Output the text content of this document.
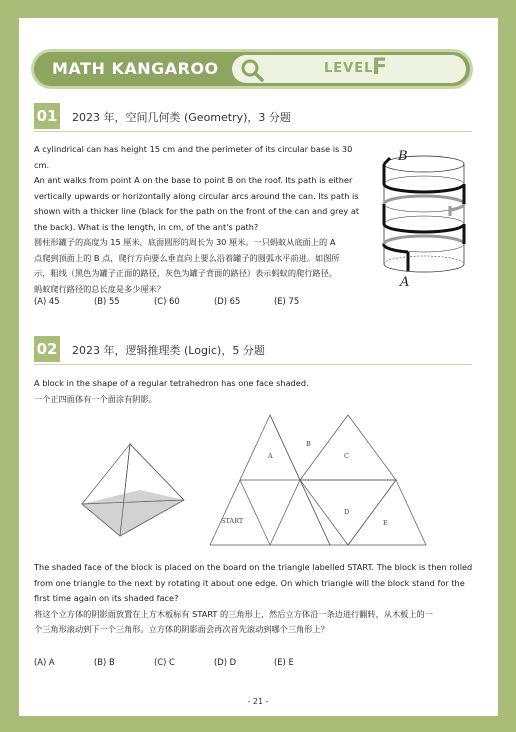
MATH KANGAROO	LEVEL
F
01 2023 年，空间几何类 (Geometry)，3 分题
A cylindrical can has height 15 cm and the perimeter of its circular base is 30 cm.
An ant walks from point A on the base to point B on the roof. Its path is either
vertically upwards or horizontally along circular arcs around the can. Its path is
shown with a thicker line (black for the path on the front of the can and grey at
the back). What is the length, in cm, of the ant's path?
圆柱形罐子的高度为 15 厘米，底面圆形的周长为 30 厘米。一只蚂蚁从底面上的 A
点爬到顶面上的 B 点，爬行方向要么垂直向上要么沿着罐子的圆弧水平前进。如图所
示，粗线（黑色为罐子正面的路径，灰色为罐子背面的路径）表示蚂蚁的爬行路径。
蚂蚁爬行路径的总长度是多少厘米？
B
A
(A) 45	(B) 55	(C) 60	(D) 65	(E) 75
02 2023 年，逻辑推理类 (Logic)，5 分题
A block in the shape of a regular tetrahedron has one face shaded.
一个正四面体有一个面涂有阴影。
A
B
C
START
D
E
The shaded face of the block is placed on the board on the triangle labelled START. The block is then rolled
from one triangle to the next by rotating it about one edge. On which triangle will the block stand for the
first time again on its shaded face?
将这个立方体的阴影面放置在上方木板标有 START 的三角形上，然后立方体沿一条边进行翻转，从木板上的一
个三角形滚动到下一个三角形。立方体的阴影面会再次首先滚动到哪个三角形上？
(A) A	(B) B	(C) C	(D) D	(E) E
- 21 -
